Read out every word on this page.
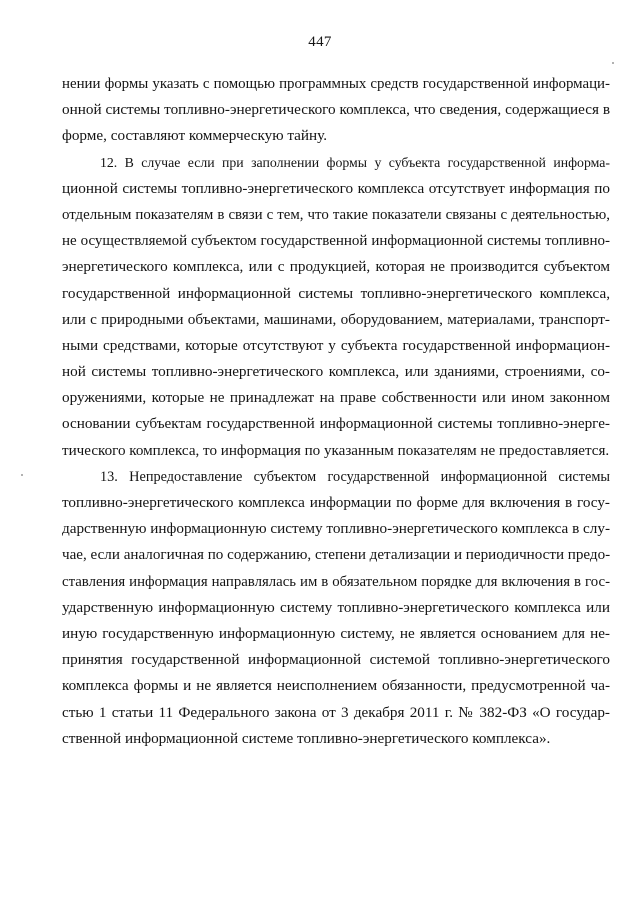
447
нении формы указать с помощью программных средств государственной информаци-
онной системы топливно-энергетического комплекса, что сведения, содержащиеся в
форме, составляют коммерческую тайну.
12. В случае если при заполнении формы у субъекта государственной информа-
ционной системы топливно-энергетического комплекса отсутствует информация по
отдельным показателям в связи с тем, что такие показатели связаны с деятельностью,
не осуществляемой субъектом государственной информационной системы топливно-
энергетического комплекса, или с продукцией, которая не производится субъектом
государственной информационной системы топливно-энергетического комплекса,
или с природными объектами, машинами, оборудованием, материалами, транспорт-
ными средствами, которые отсутствуют у субъекта государственной информацион-
ной системы топливно-энергетического комплекса, или зданиями, строениями, со-
оружениями, которые не принадлежат на праве собственности или ином законном
основании субъектам государственной информационной системы топливно-энерге-
тического комплекса, то информация по указанным показателям не предоставляется.
13. Непредоставление субъектом государственной информационной системы
топливно-энергетического комплекса информации по форме для включения в госу-
дарственную информационную систему топливно-энергетического комплекса в слу-
чае, если аналогичная по содержанию, степени детализации и периодичности предо-
ставления информация направлялась им в обязательном порядке для включения в гос-
ударственную информационную систему топливно-энергетического комплекса или
иную государственную информационную систему, не является основанием для не-
принятия государственной информационной системой топливно-энергетического
комплекса формы и не является неисполнением обязанности, предусмотренной ча-
стью 1 статьи 11 Федерального закона от 3 декабря 2011 г. № 382-ФЗ «О государ-
ственной информационной системе топливно-энергетического комплекса».
